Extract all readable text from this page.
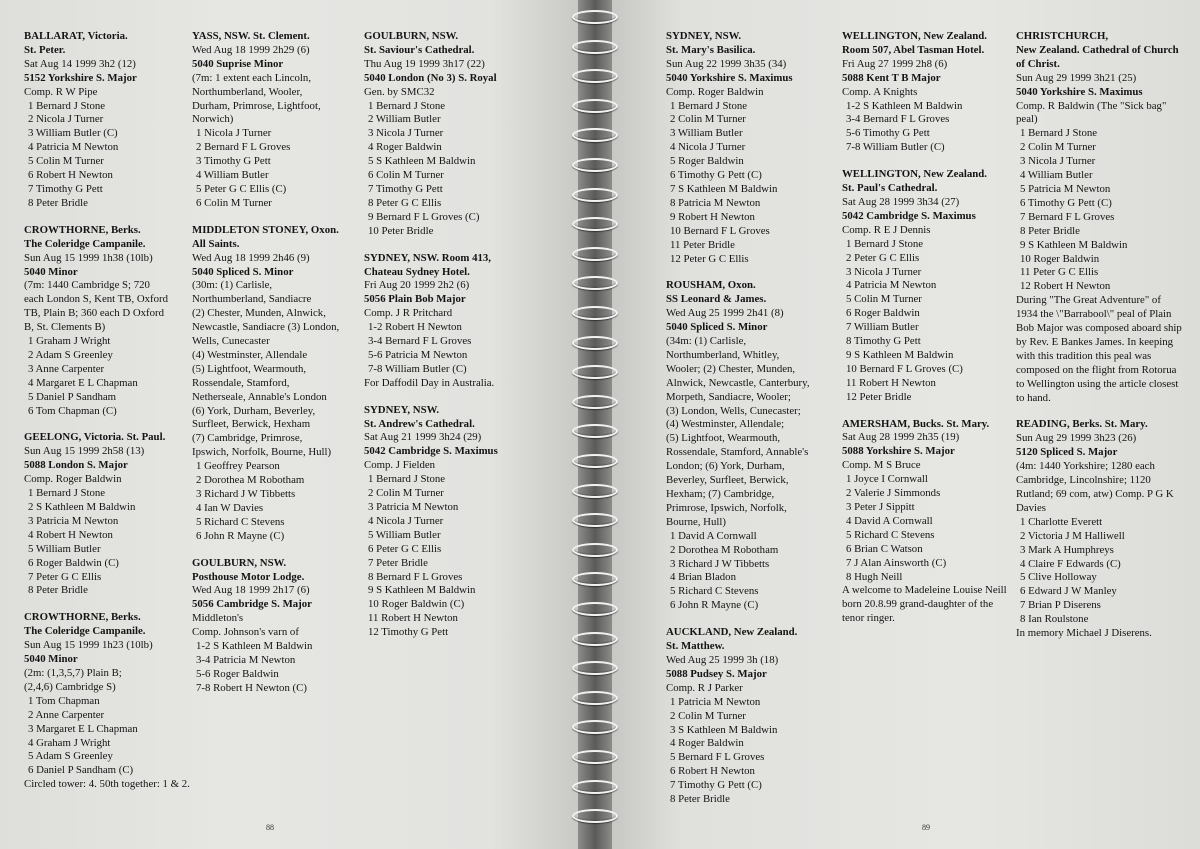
BALLARAT, Victoria.
St. Peter.
Sat Aug 14 1999 3h2 (12)
5152 Yorkshire S. Major
Comp. R W Pipe
1 Bernard J Stone
2 Nicola J Turner
3 William Butler (C)
4 Patricia M Newton
5 Colin M Turner
6 Robert H Newton
7 Timothy G Pett
8 Peter Bridle
CROWTHORNE, Berks.
The Coleridge Campanile.
Sun Aug 15 1999 1h38 (10lb)
5040 Minor
(7m: 1440 Cambridge S; 720
each London S, Kent TB, Oxford
TB, Plain B; 360 each D Oxford
B, St. Clements B)
1 Graham J Wright
2 Adam S Greenley
3 Anne Carpenter
4 Margaret E L Chapman
5 Daniel P Sandham
6 Tom Chapman (C)
GEELONG, Victoria. St. Paul.
Sun Aug 15 1999 2h58 (13)
5088 London S. Major
Comp. Roger Baldwin
1 Bernard J Stone
2 S Kathleen M Baldwin
3 Patricia M Newton
4 Robert H Newton
5 William Butler
6 Roger Baldwin (C)
7 Peter G C Ellis
8 Peter Bridle
CROWTHORNE, Berks.
The Coleridge Campanile.
Sun Aug 15 1999 1h23 (10lb)
5040 Minor
(2m: (1,3,5,7) Plain B;
(2,4,6) Cambridge S)
1 Tom Chapman
2 Anne Carpenter
3 Margaret E L Chapman
4 Graham J Wright
5 Adam S Greenley
6 Daniel P Sandham (C)
Circled tower: 4. 50th together: 1 & 2.
YASS, NSW. St. Clement.
Wed Aug 18 1999 2h29 (6)
5040 Suprise Minor
(7m: 1 extent each Lincoln,
Northumberland, Wooler,
Durham, Primrose, Lightfoot,
Norwich)
1 Nicola J Turner
2 Bernard F L Groves
3 Timothy G Pett
4 William Butler
5 Peter G C Ellis (C)
6 Colin M Turner
MIDDLETON STONEY, Oxon.
All Saints.
Wed Aug 18 1999 2h46 (9)
5040 Spliced S. Minor
(30m: (1) Carlisle,
Northumberland, Sandiacre
(2) Chester, Munden, Alnwick,
Newcastle, Sandiacre (3) London,
Wells, Cunecaster
(4) Westminster, Allendale
(5) Lightfoot, Wearmouth,
Rossendale, Stamford,
Netherseale, Annable's London
(6) York, Durham, Beverley,
Surfleet, Berwick, Hexham
(7) Cambridge, Primrose,
Ipswich, Norfolk, Bourne, Hull)
1 Geoffrey Pearson
2 Dorothea M Robotham
3 Richard J W Tibbetts
4 Ian W Davies
5 Richard C Stevens
6 John R Mayne (C)
GOULBURN, NSW.
Posthouse Motor Lodge.
Wed Aug 18 1999 2h17 (6)
5056 Cambridge S. Major
Middleton's
Comp. Johnson's varn of
1-2 S Kathleen M Baldwin
3-4 Patricia M Newton
5-6 Roger Baldwin
7-8 Robert H Newton (C)
GOULBURN, NSW.
St. Saviour's Cathedral.
Thu Aug 19 1999 3h17 (22)
5040 London (No 3) S. Royal
Gen. by SMC32
1 Bernard J Stone
2 William Butler
3 Nicola J Turner
4 Roger Baldwin
5 S Kathleen M Baldwin
6 Colin M Turner
7 Timothy G Pett
8 Peter G C Ellis
9 Bernard F L Groves (C)
10 Peter Bridle
SYDNEY, NSW. Room 413,
Chateau Sydney Hotel.
Fri Aug 20 1999 2h2 (6)
5056 Plain Bob Major
Comp. J R Pritchard
1-2 Robert H Newton
3-4 Bernard F L Groves
5-6 Patricia M Newton
7-8 William Butler (C)
For Daffodil Day in Australia.
SYDNEY, NSW.
St. Andrew's Cathedral.
Sat Aug 21 1999 3h24 (29)
5042 Cambridge S. Maximus
Comp. J Fielden
1 Bernard J Stone
2 Colin M Turner
3 Patricia M Newton
4 Nicola J Turner
5 William Butler
6 Peter G C Ellis
7 Peter Bridle
8 Bernard F L Groves
9 S Kathleen M Baldwin
10 Roger Baldwin (C)
11 Robert H Newton
12 Timothy G Pett
SYDNEY, NSW.
St. Mary's Basilica.
Sun Aug 22 1999 3h35 (34)
5040 Yorkshire S. Maximus
Comp. Roger Baldwin
1 Bernard J Stone
2 Colin M Turner
3 William Butler
4 Nicola J Turner
5 Roger Baldwin
6 Timothy G Pett (C)
7 S Kathleen M Baldwin
8 Patricia M Newton
9 Robert H Newton
10 Bernard F L Groves
11 Peter Bridle
12 Peter G C Ellis
ROUSHAM, Oxon.
SS Leonard & James.
Wed Aug 25 1999 2h41 (8)
5040 Spliced S. Minor
(34m: (1) Carlisle,
Northumberland, Whitley,
Wooler; (2) Chester, Munden,
Alnwick, Newcastle, Canterbury,
Morpeth, Sandiacre, Wooler;
(3) London, Wells, Cunecaster;
(4) Westminster, Allendale;
(5) Lightfoot, Wearmouth,
Rossendale, Stamford, Annable's
London; (6) York, Durham,
Beverley, Surfleet, Berwick,
Hexham; (7) Cambridge,
Primrose, Ipswich, Norfolk,
Bourne, Hull)
1 David A Cornwall
2 Dorothea M Robotham
3 Richard J W Tibbetts
4 Brian Bladon
5 Richard C Stevens
6 John R Mayne (C)
AUCKLAND, New Zealand.
St. Matthew.
Wed Aug 25 1999 3h (18)
5088 Pudsey S. Major
Comp. R J Parker
1 Patricia M Newton
2 Colin M Turner
3 S Kathleen M Baldwin
4 Roger Baldwin
5 Bernard F L Groves
6 Robert H Newton
7 Timothy G Pett (C)
8 Peter Bridle
WELLINGTON, New Zealand.
Room 507, Abel Tasman Hotel.
Fri Aug 27 1999 2h8 (6)
5088 Kent T B Major
Comp. A Knights
1-2 S Kathleen M Baldwin
3-4 Bernard F L Groves
5-6 Timothy G Pett
7-8 William Butler (C)
WELLINGTON, New Zealand.
St. Paul's Cathedral.
Sat Aug 28 1999 3h34 (27)
5042 Cambridge S. Maximus
Comp. R E J Dennis
1 Bernard J Stone
2 Peter G C Ellis
3 Nicola J Turner
4 Patricia M Newton
5 Colin M Turner
6 Roger Baldwin
7 William Butler
8 Timothy G Pett
9 S Kathleen M Baldwin
10 Bernard F L Groves (C)
11 Robert H Newton
12 Peter Bridle
AMERSHAM, Bucks. St. Mary.
Sat Aug 28 1999 2h35 (19)
5088 Yorkshire S. Major
Comp. M S Bruce
1 Joyce I Cornwall
2 Valerie J Simmonds
3 Peter J Sippitt
4 David A Cornwall
5 Richard C Stevens
6 Brian C Watson
7 J Alan Ainsworth (C)
8 Hugh Neill
A welcome to Madeleine Louise Neill born 20.8.99 grand-daughter of the tenor ringer.
CHRISTCHURCH,
New Zealand. Cathedral of Church of Christ.
Sun Aug 29 1999 3h21 (25)
5040 Yorkshire S. Maximus
Comp. R Baldwin (The "Sick bag" peal)
1 Bernard J Stone
2 Colin M Turner
3 Nicola J Turner
4 William Butler
5 Patricia M Newton
6 Timothy G Pett (C)
7 Bernard F L Groves
8 Peter Bridle
9 S Kathleen M Baldwin
10 Roger Baldwin
11 Peter G C Ellis
12 Robert H Newton
During "The Great Adventure" of 1934 the \"Barrabool\" peal of Plain Bob Major was composed aboard ship by Rev. E Bankes James. In keeping with this tradition this peal was composed on the flight from Rotorua to Wellington using the article closest to hand.
READING, Berks. St. Mary.
Sun Aug 29 1999 3h23 (26)
5120 Spliced S. Major
(4m: 1440 Yorkshire; 1280 each Cambridge, Lincolnshire; 1120 Rutland; 69 com, atw) Comp. P G K Davies
1 Charlotte Everett
2 Victoria J M Halliwell
3 Mark A Humphreys
4 Claire F Edwards (C)
5 Clive Holloway
6 Edward J W Manley
7 Brian P Diserens
8 Ian Roulstone
In memory Michael J Diserens.
88	89
